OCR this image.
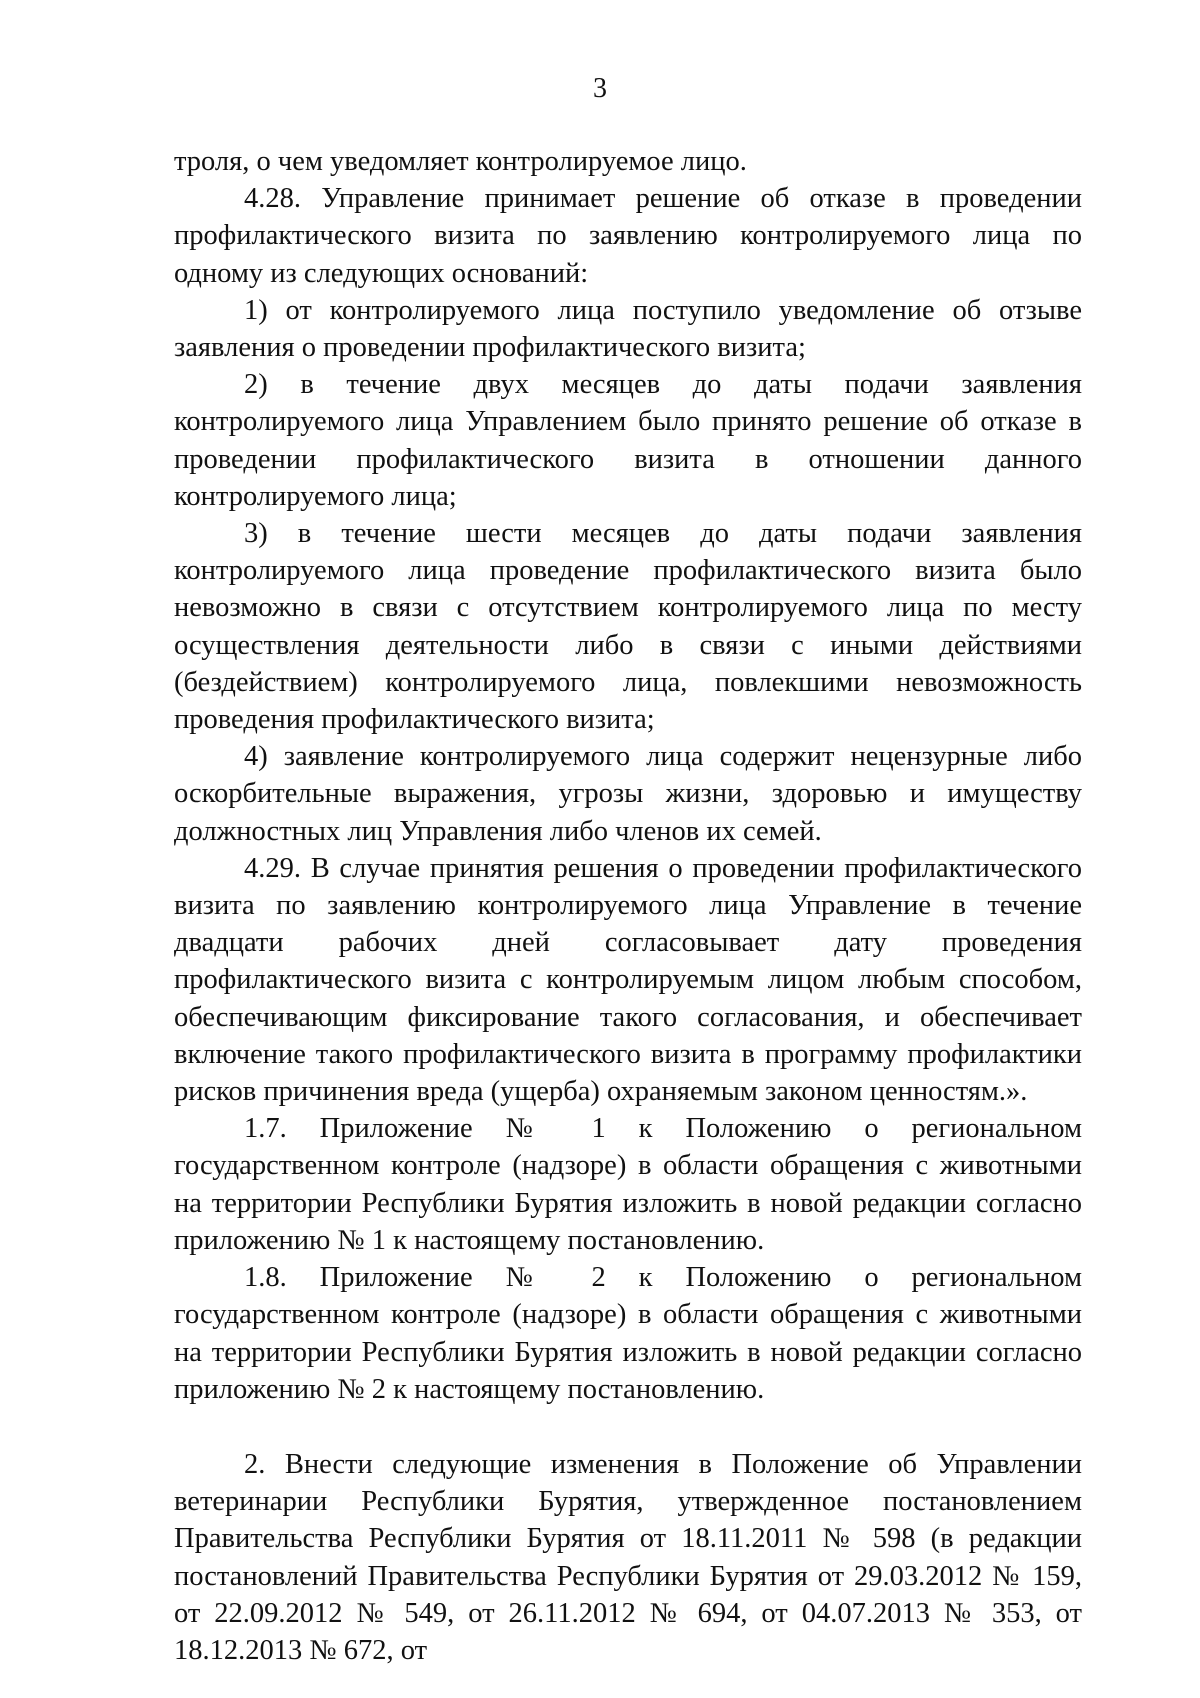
3

троля, о чем уведомляет контролируемое лицо.

4.28. Управление принимает решение об отказе в проведении профилактического визита по заявлению контролируемого лица по одному из следующих оснований:

1) от контролируемого лица поступило уведомление об отзыве заявления о проведении профилактического визита;

2) в течение двух месяцев до даты подачи заявления контролируемого лица Управлением было принято решение об отказе в проведении профилактического визита в отношении данного контролируемого лица;

3) в течение шести месяцев до даты подачи заявления контролируемого лица проведение профилактического визита было невозможно в связи с отсутствием контролируемого лица по месту осуществления деятельности либо в связи с иными действиями (бездействием) контролируемого лица, повлекшими невозможность проведения профилактического визита;

4) заявление контролируемого лица содержит нецензурные либо оскорбительные выражения, угрозы жизни, здоровью и имуществу должностных лиц Управления либо членов их семей.

4.29. В случае принятия решения о проведении профилактического визита по заявлению контролируемого лица Управление в течение двадцати рабочих дней согласовывает дату проведения профилактического визита с контролируемым лицом любым способом, обеспечивающим фиксирование такого согласования, и обеспечивает включение такого профилактического визита в программу профилактики рисков причинения вреда (ущерба) охраняемым законом ценностям.».

1.7. Приложение № 1 к Положению о региональном государственном контроле (надзоре) в области обращения с животными на территории Республики Бурятия изложить в новой редакции согласно приложению № 1 к настоящему постановлению.

1.8. Приложение № 2 к Положению о региональном государственном контроле (надзоре) в области обращения с животными на территории Республики Бурятия изложить в новой редакции согласно приложению № 2 к настоящему постановлению.

2. Внести следующие изменения в Положение об Управлении ветеринарии Республики Бурятия, утвержденное постановлением Правительства Республики Бурятия от 18.11.2011 № 598 (в редакции постановлений Правительства Республики Бурятия от 29.03.2012 № 159, от 22.09.2012 № 549, от 26.11.2012 № 694, от 04.07.2013 № 353, от 18.12.2013 № 672, от
